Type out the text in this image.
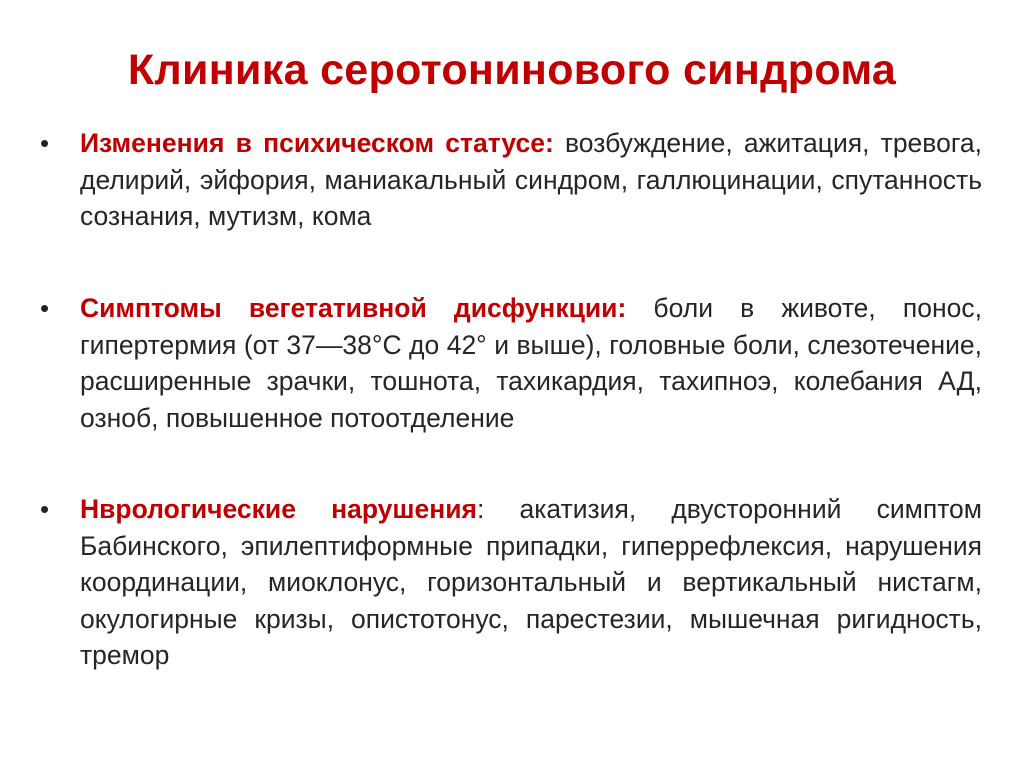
Клиника серотонинового синдрома
• Изменения в психическом статусе: возбуждение, ажитация, тревога, делирий, эйфория, маниакальный синдром, галлюцинации, спутанность сознания, мутизм, кома
• Симптомы вегетативной дисфункции: боли в животе, понос, гипертермия (от 37—38°С до 42° и выше), головные боли, слезотечение, расширенные зрачки, тошнота, тахикардия, тахипноэ, колебания АД, озноб, повышенное потоотделение
• Нврологические нарушения: акатизия, двусторонний симптом Бабинского, эпилептиформные припадки, гиперрефлексия, нарушения координации, миоклонус, горизонтальный и вертикальный нистагм, окулогирные кризы, опистотонус, парестезии, мышечная ригидность, тремор
